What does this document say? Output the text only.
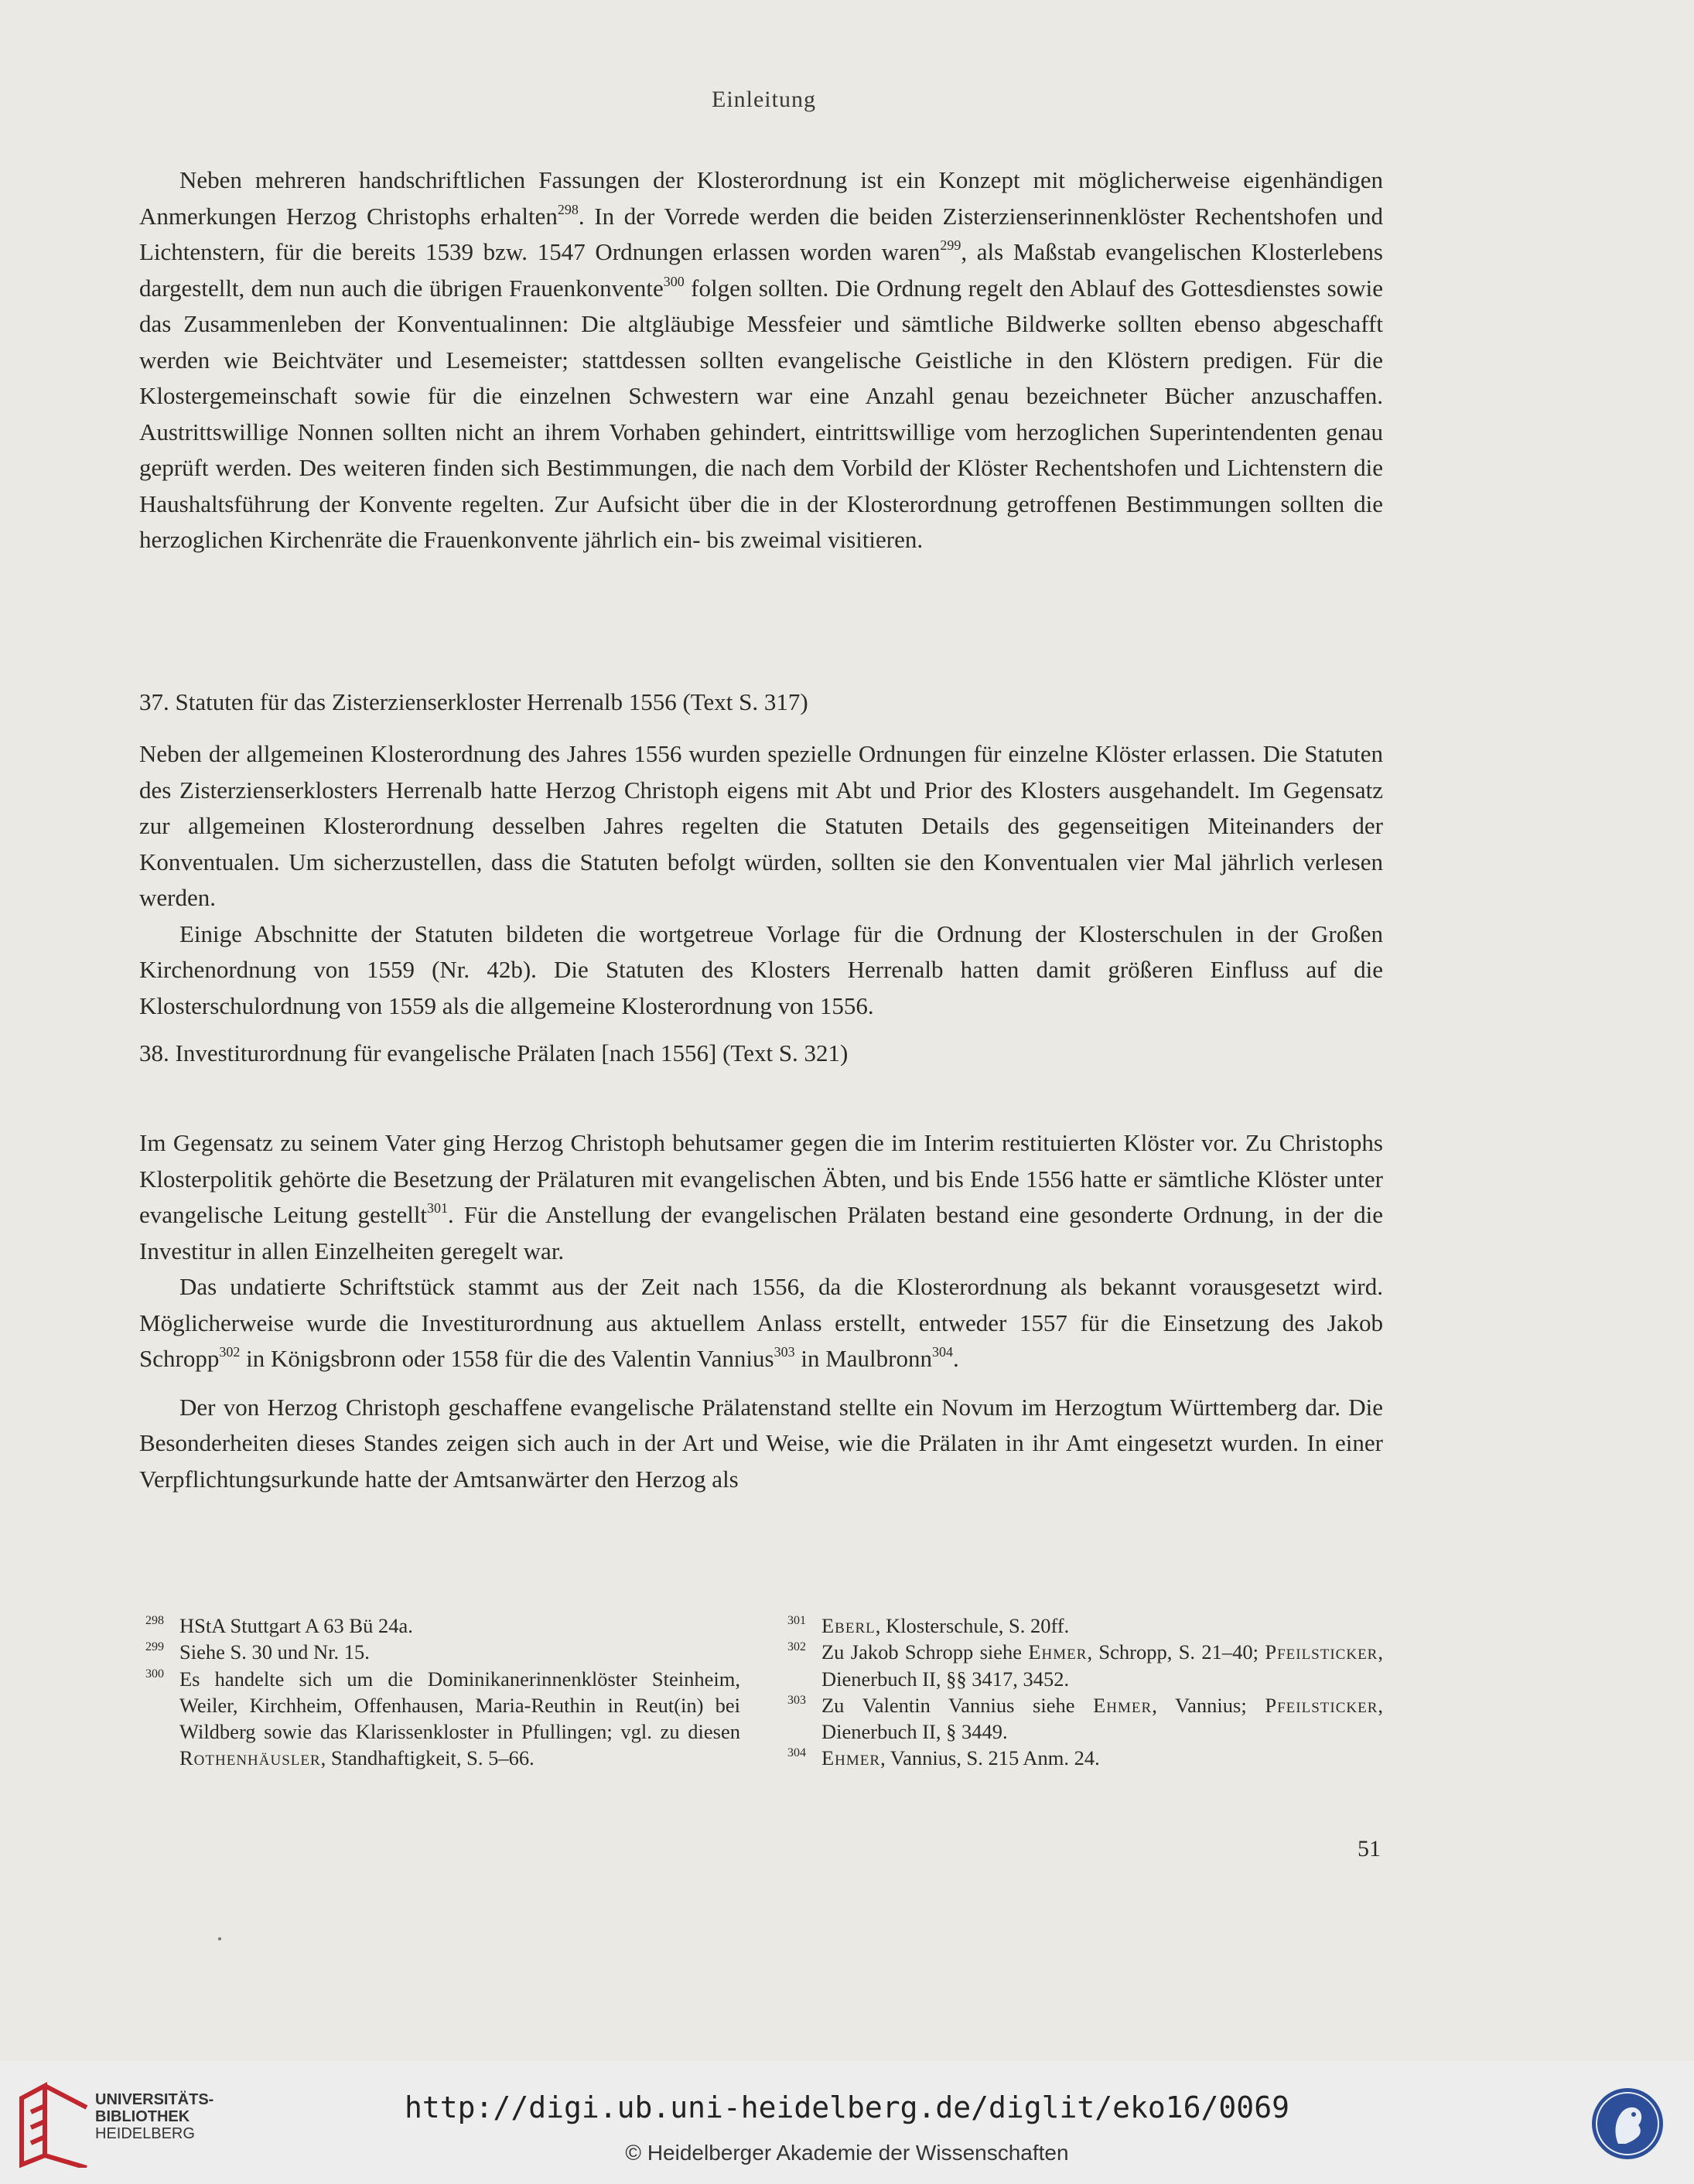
Einleitung

Neben mehreren handschriftlichen Fassungen der Klosterordnung ist ein Konzept mit möglicherweise eigenhändigen Anmerkungen Herzog Christophs erhalten$^{298}$. In der Vorrede werden die beiden Zisterzienserinnenklöster Rechentshofen und Lichtenstern, für die bereits 1539 bzw. 1547 Ordnungen erlassen worden waren$^{299}$, als Maßstab evangelischen Klosterlebens dargestellt, dem nun auch die übrigen Frauenkonvente$^{300}$ folgen sollten. Die Ordnung regelt den Ablauf des Gottesdienstes sowie das Zusammenleben der Konventualinnen: Die altgläubige Messfeier und sämtliche Bildwerke sollten ebenso abgeschafft werden wie Beichtväter und Lesemeister; stattdessen sollten evangelische Geistliche in den Klöstern predigen. Für die Klostergemeinschaft sowie für die einzelnen Schwestern war eine Anzahl genau bezeichneter Bücher anzuschaffen. Austrittswillige Nonnen sollten nicht an ihrem Vorhaben gehindert, eintrittswillige vom herzoglichen Superintendenten genau geprüft werden. Des weiteren finden sich Bestimmungen, die nach dem Vorbild der Klöster Rechentshofen und Lichtenstern die Haushaltsführung der Konvente regelten. Zur Aufsicht über die in der Klosterordnung getroffenen Bestimmungen sollten die herzoglichen Kirchenräte die Frauenkonvente jährlich ein- bis zweimal visitieren.

37. Statuten für das Zisterzienserkloster Herrenalb 1556 (Text S. 317)

Neben der allgemeinen Klosterordnung des Jahres 1556 wurden spezielle Ordnungen für einzelne Klöster erlassen. Die Statuten des Zisterzienserklosters Herrenalb hatte Herzog Christoph eigens mit Abt und Prior des Klosters ausgehandelt. Im Gegensatz zur allgemeinen Klosterordnung desselben Jahres regelten die Statuten Details des gegenseitigen Miteinanders der Konventualen. Um sicherzustellen, dass die Statuten befolgt würden, sollten sie den Konventualen vier Mal jährlich verlesen werden.

Einige Abschnitte der Statuten bildeten die wortgetreue Vorlage für die Ordnung der Klosterschulen in der Großen Kirchenordnung von 1559 (Nr. 42b). Die Statuten des Klosters Herrenalb hatten damit größeren Einfluss auf die Klosterschulordnung von 1559 als die allgemeine Klosterordnung von 1556.

38. Investiturordnung für evangelische Prälaten [nach 1556] (Text S. 321)

Im Gegensatz zu seinem Vater ging Herzog Christoph behutsamer gegen die im Interim restituierten Klöster vor. Zu Christophs Klosterpolitik gehörte die Besetzung der Prälaturen mit evangelischen Äbten, und bis Ende 1556 hatte er sämtliche Klöster unter evangelische Leitung gestellt$^{301}$. Für die Anstellung der evangelischen Prälaten bestand eine gesonderte Ordnung, in der die Investitur in allen Einzelheiten geregelt war.

Das undatierte Schriftstück stammt aus der Zeit nach 1556, da die Klosterordnung als bekannt vorausgesetzt wird. Möglicherweise wurde die Investiturordnung aus aktuellem Anlass erstellt, entweder 1557 für die Einsetzung des Jakob Schropp$^{302}$ in Königsbronn oder 1558 für die des Valentin Vannius$^{303}$ in Maulbronn$^{304}$.

Der von Herzog Christoph geschaffene evangelische Prälatenstand stellte ein Novum im Herzogtum Württemberg dar. Die Besonderheiten dieses Standes zeigen sich auch in der Art und Weise, wie die Prälaten in ihr Amt eingesetzt wurden. In einer Verpflichtungsurkunde hatte der Amtsanwärter den Herzog als

298 HStA Stuttgart A 63 Bü 24a.
299 Siehe S. 30 und Nr. 15.
300 Es handelte sich um die Dominikanerinnenklöster Steinheim, Weiler, Kirchheim, Offenhausen, Maria-Reuthin in Reut(in) bei Wildberg sowie das Klarissenkloster in Pfullingen; vgl. zu diesen Rothenhäusler, Standhaftigkeit, S. 5–66.
301 Eberl, Klosterschule, S. 20ff.
302 Zu Jakob Schropp siehe Ehmer, Schropp, S. 21–40; Pfeilsticker, Dienerbuch II, §§ 3417, 3452.
303 Zu Valentin Vannius siehe Ehmer, Vannius; Pfeilsticker, Dienerbuch II, § 3449.
304 Ehmer, Vannius, S. 215 Anm. 24.
51
UNIVERSITÄTS-
BIBLIOTHEK
HEIDELBERG
http://digi.ub.uni-heidelberg.de/diglit/eko16/0069
© Heidelberger Akademie der Wissenschaften
